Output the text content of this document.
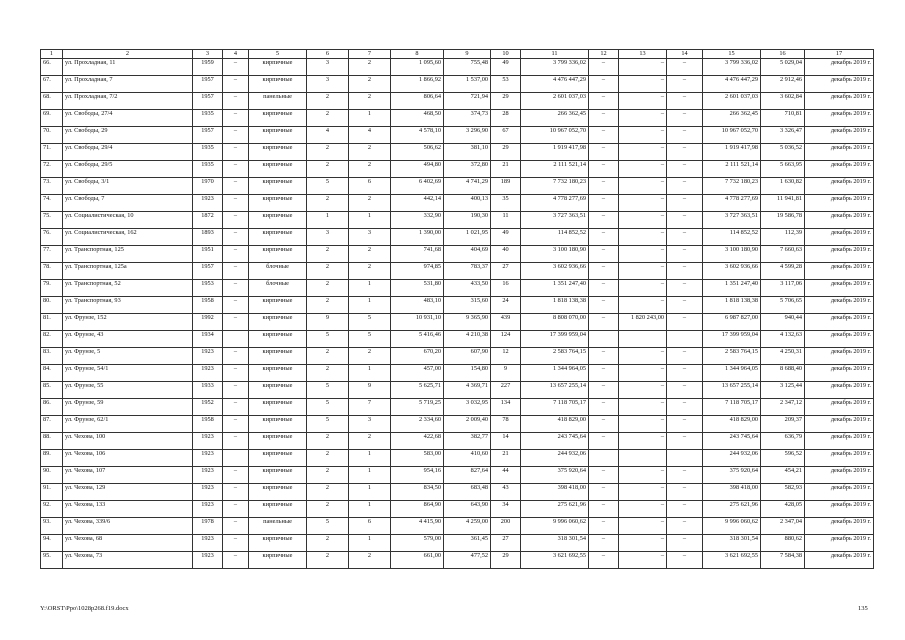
1	2	3	4	5	6	7	8	9	10	11	12	13	14	15	16	17
66.	ул. Прохладная, 11	1959	–	кирпичные	3	2	1 095,60	755,48	49	3 799 336,02	–	–	–	3 799 336,02	5 029,04	декабрь 2019 г.
67.	ул. Прохладная, 7	1957	–	кирпичные	3	2	1 866,92	1 537,00	53	4 476 447,29	–	–	–	4 476 447,29	2 912,46	декабрь 2019 г.
68.	ул. Прохладная, 7/2	1957	–	панельные	2	2	806,64	721,94	29	2 601 037,03	–	–	–	2 601 037,03	3 602,84	декабрь 2019 г.
69.	ул. Свободы, 27/4	1935	–	кирпичные	2	1	468,50	374,73	28	266 362,45	–	–	–	266 362,45	710,81	декабрь 2019 г.
70.	ул. Свободы, 29	1957	–	кирпичные	4	4	4 578,10	3 296,90	67	10 967 052,70	–	–	–	10 967 052,70	3 326,47	декабрь 2019 г.
71.	ул. Свободы, 29/4	1935	–	кирпичные	2	2	506,62	381,10	29	1 919 417,98	–	–	–	1 919 417,98	5 036,52	декабрь 2019 г.
72.	ул. Свободы, 29/5	1935	–	кирпичные	2	2	494,80	372,80	21	2 111 521,14	–	–	–	2 111 521,14	5 663,95	декабрь 2019 г.
73.	ул. Свободы, 3/1	1970	–	кирпичные	5	6	6 402,69	4 741,29	189	7 732 180,23	–	–	–	7 732 180,23	1 630,82	декабрь 2019 г.
74.	ул. Свободы, 7	1923	–	кирпичные	2	2	442,14	400,13	35	4 778 277,69	–	–	–	4 778 277,69	11 941,81	декабрь 2019 г.
75.	ул. Социалистическая, 10	1872	–	кирпичные	1	1	332,90	190,30	11	3 727 363,51	–	–	–	3 727 363,51	19 586,78	декабрь 2019 г.
76.	ул. Социалистическая, 162	1893	–	кирпичные	3	3	1 390,00	1 021,95	49	114 852,52	–	–	–	114 852,52	112,39	декабрь 2019 г.
77.	ул. Транспортная, 125	1951	–	кирпичные	2	2	741,68	404,69	40	3 100 180,90	–	–	–	3 100 180,90	7 660,63	декабрь 2019 г.
78.	ул. Транспортная, 125а	1957	–	блочные	2	2	974,85	783,37	27	3 602 936,66	–	–	–	3 602 936,66	4 599,28	декабрь 2019 г.
79.	ул. Транспортная, 52	1953	–	блочные	2	1	531,80	433,50	16	1 351 247,40	–	–	–	1 351 247,40	3 117,06	декабрь 2019 г.
80.	ул. Транспортная, 93	1958	–	кирпичные	2	1	483,10	315,60	24	1 818 138,38	–	–	–	1 818 138,38	5 706,65	декабрь 2019 г.
81.	ул. Фрунзе, 152	1992	–	кирпичные	9	5	10 931,10	9 365,90	439	8 808 070,00	–	1 820 243,00	–	6 987 827,00	940,44	декабрь 2019 г.
82.	ул. Фрунзе, 43	1934		кирпичные	5	5	5 416,46	4 210,38	124	17 399 959,04				17 399 959,04	4 132,63	декабрь 2019 г.
83.	ул. Фрунзе, 5	1923	–	кирпичные	2	2	670,20	607,90	12	2 583 764,15	–	–	–	2 583 764,15	4 250,31	декабрь 2019 г.
84.	ул. Фрунзе, 54/1	1923	–	кирпичные	2	1	457,00	154,80	9	1 344 964,05	–	–	–	1 344 964,05	8 688,40	декабрь 2019 г.
85.	ул. Фрунзе, 55	1933	–	кирпичные	5	9	5 625,71	4 369,71	227	13 657 255,14	–	–	–	13 657 255,14	3 125,44	декабрь 2019 г.
86.	ул. Фрунзе, 59	1952	–	кирпичные	5	7	5 719,25	3 032,95	134	7 118 705,17	–	–	–	7 118 705,17	2 347,12	декабрь 2019 г.
87.	ул. Фрунзе, 62/1	1958	–	кирпичные	5	3	2 334,60	2 009,40	78	418 829,00	–	–	–	418 829,00	209,37	декабрь 2019 г.
88.	ул. Чехова, 100	1923	–	кирпичные	2	2	422,68	382,77	14	243 745,64	–	–	–	243 745,64	636,79	декабрь 2019 г.
89.	ул. Чехова, 106	1923		кирпичные	2	1	583,00	410,60	21	244 932,06				244 932,06	596,52	декабрь 2019 г.
90.	ул. Чехова, 107	1923	–	кирпичные	2	1	954,16	827,64	44	375 920,64	–	–	–	375 920,64	454,21	декабрь 2019 г.
91.	ул. Чехова, 129	1923	–	кирпичные	2	1	834,50	683,48	43	398 418,00	–	–	–	398 418,00	582,93	декабрь 2019 г.
92.	ул. Чехова, 133	1923	–	кирпичные	2	1	864,90	643,90	34	275 621,96	–	–	–	275 621,96	428,05	декабрь 2019 г.
93.	ул. Чехова, 339/6	1978	–	панельные	5	6	4 415,90	4 259,00	200	9 996 060,62	–	–	–	9 996 060,62	2 347,04	декабрь 2019 г.
94.	ул. Чехова, 68	1923	–	кирпичные	2	1	579,00	361,45	27	318 301,54	–	–	–	318 301,54	880,62	декабрь 2019 г.
95.	ул. Чехова, 73	1923	–	кирпичные	2	2	661,00	477,52	29	3 621 692,55	–	–	–	3 621 692,55	7 584,38	декабрь 2019 г.
Y:\ORST\Ppo\1028p268.f19.docx	135
